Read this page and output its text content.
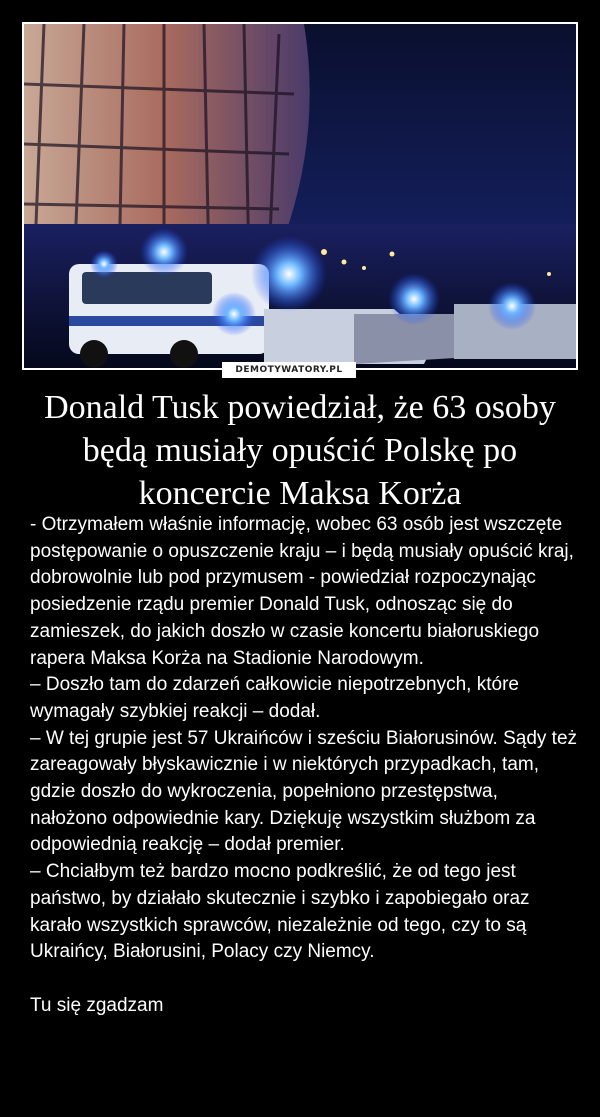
DEMOTYWATORY.PL
Donald Tusk powiedział, że 63 osoby będą musiały opuścić Polskę po koncercie Maksa Korża
- Otrzymałem właśnie informację, wobec 63 osób jest wszczęte postępowanie o opuszczenie kraju – i będą musiały opuścić kraj, dobrowolnie lub pod przymusem - powiedział rozpoczynając posiedzenie rządu premier Donald Tusk, odnosząc się do zamieszek, do jakich doszło w czasie koncertu białoruskiego rapera Maksa Korża na Stadionie Narodowym.
– Doszło tam do zdarzeń całkowicie niepotrzebnych, które wymagały szybkiej reakcji – dodał.
– W tej grupie jest 57 Ukraińców i sześciu Białorusinów. Sądy też zareagowały błyskawicznie i w niektórych przypadkach, tam, gdzie doszło do wykroczenia, popełniono przestępstwa, nałożono odpowiednie kary. Dziękuję wszystkim służbom za odpowiednią reakcję – dodał premier.
– Chciałbym też bardzo mocno podkreślić, że od tego jest państwo, by działało skutecznie i szybko i zapobiegało oraz karało wszystkich sprawców, niezależnie od tego, czy to są Ukraińcy, Białorusini, Polacy czy Niemcy.

Tu się zgadzam
